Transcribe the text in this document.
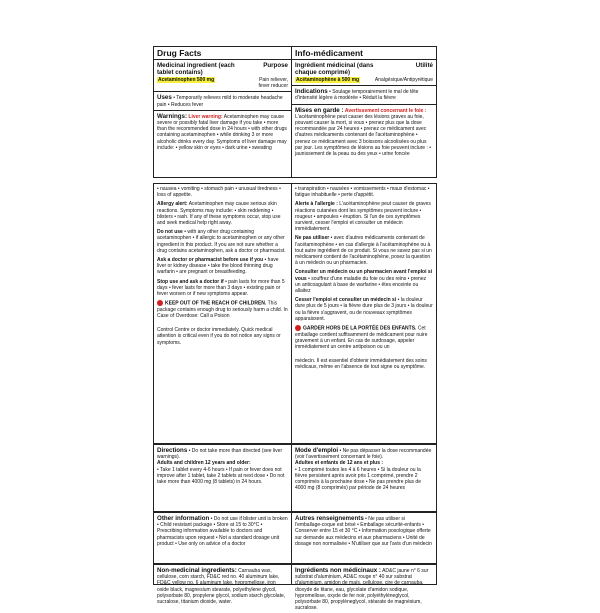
Drug Facts
Medicinal ingredient (each tablet contains)
Purpose
Acetaminophen 500 mg	Pain reliever, fever reducer
Uses • Temporarily relieves mild to moderate headache pain • Reduces fever
Warnings: Liver warning: Acetaminophen may cause severe or possibly fatal liver damage if you take • more than the recommended dose in 24 hours • with other drugs containing acetaminophen • while drinking 3 or more alcoholic drinks every day. Symptoms of liver damage may include: • yellow skin or eyes • dark urine • sweating
Info-médicament
Ingrédient médicinal (dans chaque comprimé)
Utilité
Acétaminophène à 500 mg	Analgésique/Antipyrétique
Indications • Soulage temporairement le mal de tête d'intensité légère à modérée • Réduit la fièvre
Mises en garde : Avertissement concernant le foie : L'acétaminophène peut causer des lésions graves au foie, pouvant causer la mort, si vous • prenez plus que la dose recommandée par 24 heures • prenez ce médicament avec d'autres médicaments contenant de l'acétaminophène • prenez ce médicament avec 3 boissons alcoolisées ou plus par jour. Les symptômes de lésions au foie peuvent inclure : • jaunissement de la peau ou des yeux • urine foncée

• nausea • vomiting • stomach pain • unusual tiredness • loss of appetite.

Allergy alert: Acetaminophen may cause serious skin reactions. Symptoms may include: • skin reddening • blisters • rash. If any of these symptoms occur, stop use and seek medical help right away.

Do not use • with any other drug containing acetaminophen • if allergic to acetaminophen or any other ingredient in this product. If you are not sure whether a drug contains acetaminophen, ask a doctor or pharmacist.

Ask a doctor or pharmacist before use if you • have liver or kidney disease • take the blood thinning drug warfarin • are pregnant or breastfeeding.

Stop use and ask a doctor if • pain lasts for more than 5 days • fever lasts for more than 3 days • existing pain or fever worsen or if new symptoms appear.

KEEP OUT OF THE REACH OF CHILDREN. This package contains enough drug to seriously harm a child. In Case of Overdose: Call a Poison

Control Centre or doctor immediately. Quick medical attention is critical even if you do not notice any signs or symptoms.

Directions • Do not take more than directed (see liver warnings).

Adults and children 12 years and older:

• Take 1 tablet every 4-6 hours • If pain or fever does not improve after 1 tablet, take 2 tablets at next dose • Do not take more than 4000 mg (8 tablets) in 24 hours.

Other information • Do not use if blister unit is broken • Child resistant package • Store at 15 to 30°C • Prescribing information available to doctors and pharmacists upon request • Not a standard dosage unit product • Use only on advice of a doctor

Non-medicinal ingredients: Carnauba wax, cellulose, corn starch, FD&C red no. 40 aluminum lake, FD&C yellow no. 6 aluminum lake, hypromellose, iron oxide black, magnesium stearate, polyethylene glycol, polysorbate 80, propylene glycol, sodium starch glycolate, sucralose, titanium dioxide, water.

• transpiration • nausées • vomissements • maux d'estomac • fatigue inhabituelle • perte d'appétit.

Alerte à l'allergie : L'acétaminophène peut causer de graves réactions cutanées dont les symptômes peuvent inclure • rougeur • ampoules • éruption. Si l'un de ces symptômes survient, cesser l'emploi et consulter un médecin immédiatement.

Ne pas utiliser • avec d'autres médicaments contenant de l'acétaminophène • en cas d'allergie à l'acétaminophène ou à tout autre ingrédient de ce produit. Si vous ne savez pas si un médicament contient de l'acétaminophène, posez la question à un médecin ou un pharmacien.

Consulter un médecin ou un pharmacien avant l'emploi si vous • souffrez d'une maladie du foie ou des reins • prenez un anticoagulant à base de warfarine • êtes enceinte ou allaitez

Cesser l'emploi et consulter un médecin si • la douleur dure plus de 5 jours • la fièvre dure plus de 3 jours • la douleur ou la fièvre s'aggravent, ou de nouveaux symptômes apparaissent.

GARDER HORS DE LA PORTÉE DES ENFANTS. Cet emballage contient suffisamment de médicament pour nuire gravement à un enfant. En cas de surdosage, appeler immédiatement un centre antipoison ou un

médecin. Il est essentiel d'obtenir immédiatement des soins médicaux, même en l'absence de tout signe ou symptôme.

Mode d'emploi • Ne pas dépasser la dose recommandée (voir l'avertissement concernant le foie).

Adultes et enfants de 12 ans et plus :

• 1 comprimé toutes les 4 à 6 heures • Si la douleur ou la fièvre persistent après avoir pris 1 comprimé, prendre 2 comprimés à la prochaine dose • Ne pas prendre plus de 4000 mg (8 comprimés) par période de 24 heures

Autres renseignements • Ne pas utiliser si l'emballage-coque est brisé • Emballage sécurité-enfants • Conserver entre 15 et 30 °C • Information posologique offerte sur demande aux médecins et aux pharmaciens • Unité de dosage non normalisée • N'utiliser que sur l'avis d'un médecin

Ingrédients non médicinaux : AD&C jaune n° 6 sur substrat d'aluminium, AD&C rouge n° 40 sur substrat d'aluminium, amidon de maïs, cellulose, cire de carnauba, dioxyde de titane, eau, glycolate d'amidon sodique, hypromellose, oxyde de fer noir, polyéthylèneglycol, polysorbate 80, propylèneglycol, stéarate de magnésium, sucralose.
